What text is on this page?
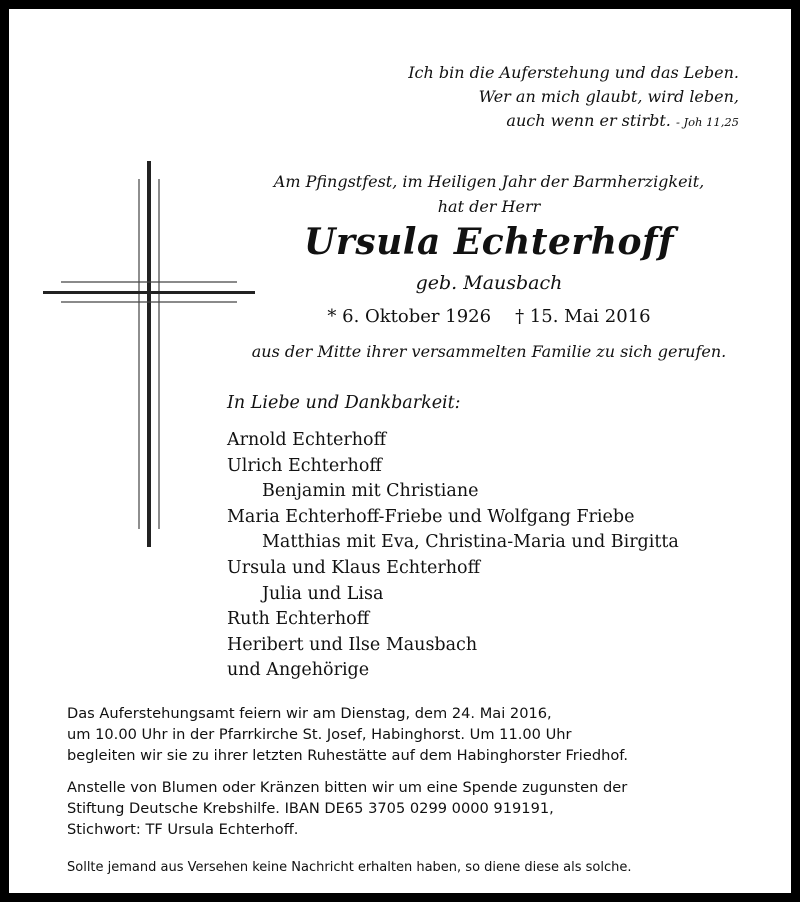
Ich bin die Auferstehung und das Leben.
Wer an mich glaubt, wird leben,
auch wenn er stirbt. - Joh 11,25
Am Pfingstfest, im Heiligen Jahr der Barmherzigkeit,
hat der Herr
Ursula Echterhoff
geb. Mausbach
* 6. Oktober 1926 † 15. Mai 2016
aus der Mitte ihrer versammelten Familie zu sich gerufen.
In Liebe und Dankbarkeit:
Arnold Echterhoff
Ulrich Echterhoff
Benjamin mit Christiane
Maria Echterhoff-Friebe und Wolfgang Friebe
Matthias mit Eva, Christina-Maria und Birgitta
Ursula und Klaus Echterhoff
Julia und Lisa
Ruth Echterhoff
Heribert und Ilse Mausbach
und Angehörige
Das Auferstehungsamt feiern wir am Dienstag, dem 24. Mai 2016,
um 10.00 Uhr in der Pfarrkirche St. Josef, Habinghorst. Um 11.00 Uhr
begleiten wir sie zu ihrer letzten Ruhestätte auf dem Habinghorster Friedhof.
Anstelle von Blumen oder Kränzen bitten wir um eine Spende zugunsten der
Stiftung Deutsche Krebshilfe. IBAN DE65 3705 0299 0000 919191,
Stichwort: TF Ursula Echterhoff.
Sollte jemand aus Versehen keine Nachricht erhalten haben, so diene diese als solche.
